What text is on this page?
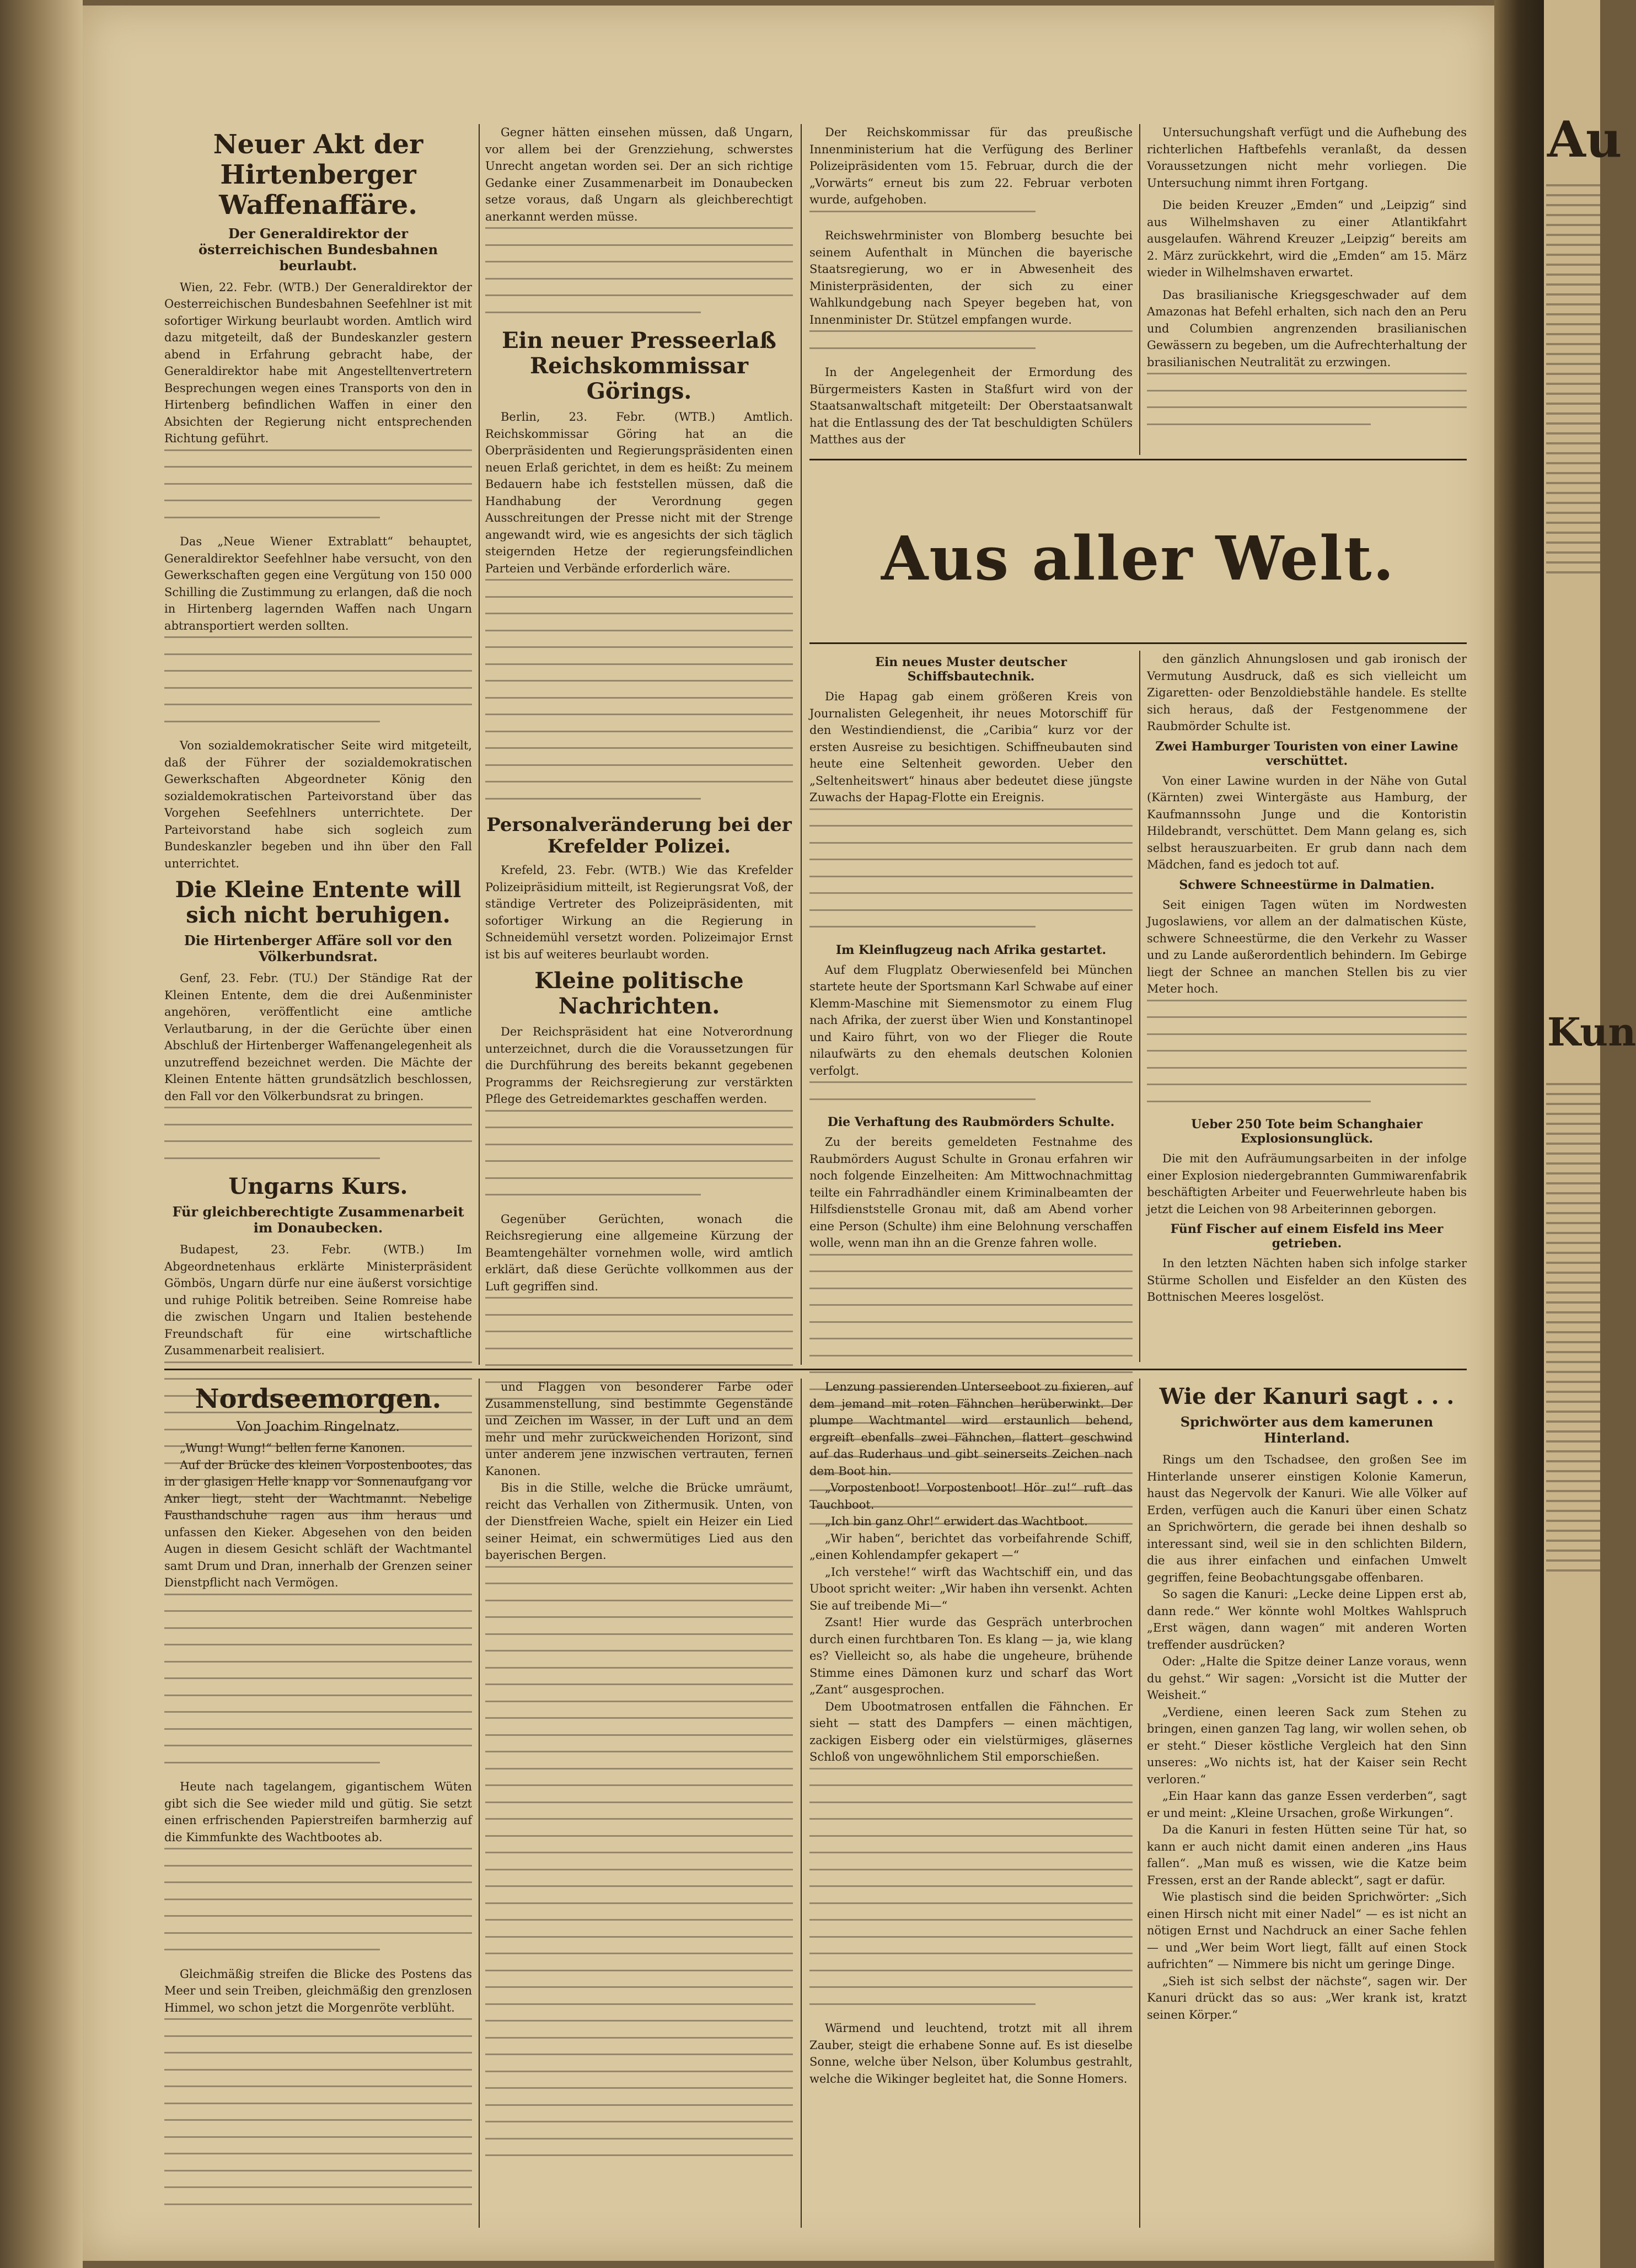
Au
Kun
Neuer Akt der Hirtenberger Waffenaffäre.
Der Generaldirektor der österreichischen Bundesbahnen beurlaubt.

Wien, 22. Febr. (WTB.) Der Generaldirektor der Oesterreichischen Bundesbahnen Seefehlner ist mit sofortiger Wirkung beurlaubt worden. Amtlich wird dazu mitgeteilt, daß der Bundeskanzler gestern abend in Erfahrung gebracht habe, der Generaldirektor habe mit Angestelltenvertretern Besprechungen wegen eines Transports von den in Hirtenberg befindlichen Waffen in einer den Absichten der Regierung nicht entsprechenden Richtung geführt.

Das „Neue Wiener Extrablatt“ behauptet, Generaldirektor Seefehlner habe versucht, von den Gewerkschaften gegen eine Vergütung von 150 000 Schilling die Zustimmung zu erlangen, daß die noch in Hirtenberg lagernden Waffen nach Ungarn abtransportiert werden sollten.

Von sozialdemokratischer Seite wird mitgeteilt, daß der Führer der sozialdemokratischen Gewerkschaften Abgeordneter König den sozialdemokratischen Parteivorstand über das Vorgehen Seefehlners unterrichtete. Der Parteivorstand habe sich sogleich zum Bundeskanzler begeben und ihn über den Fall unterrichtet.

Die Kleine Entente will sich nicht beruhigen.
Die Hirtenberger Affäre soll vor den Völkerbundsrat.

Genf, 23. Febr. (TU.) Der Ständige Rat der Kleinen Entente, dem die drei Außenminister angehören, veröffentlicht eine amtliche Verlautbarung, in der die Gerüchte über einen Abschluß der Hirtenberger Waffenangelegenheit als unzutreffend bezeichnet werden. Die Mächte der Kleinen Entente hätten grundsätzlich beschlossen, den Fall vor den Völkerbundsrat zu bringen.

Ungarns Kurs.
Für gleichberechtigte Zusammenarbeit im Donaubecken.

Budapest, 23. Febr. (WTB.) Im Abgeordnetenhaus erklärte Ministerpräsident Gömbös, Ungarn dürfe nur eine äußerst vorsichtige und ruhige Politik betreiben. Seine Romreise habe die zwischen Ungarn und Italien bestehende Freundschaft für eine wirtschaftliche Zusammenarbeit realisiert.

Gegner hätten einsehen müssen, daß Ungarn, vor allem bei der Grenzziehung, schwerstes Unrecht angetan worden sei. Der an sich richtige Gedanke einer Zusammenarbeit im Donaubecken setze voraus, daß Ungarn als gleichberechtigt anerkannt werden müsse.

Ein neuer Presseerlaß Reichskommissar Görings.

Berlin, 23. Febr. (WTB.) Amtlich. Reichskommissar Göring hat an die Oberpräsidenten und Regierungspräsidenten einen neuen Erlaß gerichtet, in dem es heißt: Zu meinem Bedauern habe ich feststellen müssen, daß die Handhabung der Verordnung gegen Ausschreitungen der Presse nicht mit der Strenge angewandt wird, wie es angesichts der sich täglich steigernden Hetze der regierungsfeindlichen Parteien und Verbände erforderlich wäre.

Personalveränderung bei der Krefelder Polizei.

Krefeld, 23. Febr. (WTB.) Wie das Krefelder Polizeipräsidium mitteilt, ist Regierungsrat Voß, der ständige Vertreter des Polizeipräsidenten, mit sofortiger Wirkung an die Regierung in Schneidemühl versetzt worden. Polizeimajor Ernst ist bis auf weiteres beurlaubt worden.

Kleine politische Nachrichten.

Der Reichspräsident hat eine Notverordnung unterzeichnet, durch die die Voraussetzungen für die Durchführung des bereits bekannt gegebenen Programms der Reichsregierung zur verstärkten Pflege des Getreidemarktes geschaffen werden.

Gegenüber Gerüchten, wonach die Reichsregierung eine allgemeine Kürzung der Beamtengehälter vornehmen wolle, wird amtlich erklärt, daß diese Gerüchte vollkommen aus der Luft gegriffen sind.

Der Reichskommissar für das preußische Innenministerium hat die Verfügung des Berliner Polizeipräsidenten vom 15. Februar, durch die der „Vorwärts“ erneut bis zum 22. Februar verboten wurde, aufgehoben.

Reichswehrminister von Blomberg besuchte bei seinem Aufenthalt in München die bayerische Staatsregierung, wo er in Abwesenheit des Ministerpräsidenten, der sich zu einer Wahlkundgebung nach Speyer begeben hat, von Innenminister Dr. Stützel empfangen wurde.

In der Angelegenheit der Ermordung des Bürgermeisters Kasten in Staßfurt wird von der Staatsanwaltschaft mitgeteilt: Der Oberstaatsanwalt hat die Entlassung des der Tat beschuldigten Schülers Matthes aus der

Untersuchungshaft verfügt und die Aufhebung des richterlichen Haftbefehls veranlaßt, da dessen Voraussetzungen nicht mehr vorliegen. Die Untersuchung nimmt ihren Fortgang.

Die beiden Kreuzer „Emden“ und „Leipzig“ sind aus Wilhelmshaven zu einer Atlantikfahrt ausgelaufen. Während Kreuzer „Leipzig“ bereits am 2. März zurückkehrt, wird die „Emden“ am 15. März wieder in Wilhelmshaven erwartet.

Das brasilianische Kriegsgeschwader auf dem Amazonas hat Befehl erhalten, sich nach den an Peru und Columbien angrenzenden brasilianischen Gewässern zu begeben, um die Aufrechterhaltung der brasilianischen Neutralität zu erzwingen.

Aus aller Welt.
Ein neues Muster deutscher Schiffsbautechnik.

Die Hapag gab einem größeren Kreis von Journalisten Gelegenheit, ihr neues Motorschiff für den Westindiendienst, die „Caribia“ kurz vor der ersten Ausreise zu besichtigen. Schiffneubauten sind heute eine Seltenheit geworden. Ueber den „Seltenheitswert“ hinaus aber bedeutet diese jüngste Zuwachs der Hapag-Flotte ein Ereignis.

Im Kleinflugzeug nach Afrika gestartet.

Auf dem Flugplatz Oberwiesenfeld bei München startete heute der Sportsmann Karl Schwabe auf einer Klemm-Maschine mit Siemensmotor zu einem Flug nach Afrika, der zuerst über Wien und Konstantinopel und Kairo führt, von wo der Flieger die Route nilaufwärts zu den ehemals deutschen Kolonien verfolgt.

Die Verhaftung des Raubmörders Schulte.

Zu der bereits gemeldeten Festnahme des Raubmörders August Schulte in Gronau erfahren wir noch folgende Einzelheiten: Am Mittwochnachmittag teilte ein Fahrradhändler einem Kriminalbeamten der Hilfsdienststelle Gronau mit, daß am Abend vorher eine Person (Schulte) ihm eine Belohnung verschaffen wolle, wenn man ihn an die Grenze fahren wolle.

den gänzlich Ahnungslosen und gab ironisch der Vermutung Ausdruck, daß es sich vielleicht um Zigaretten- oder Benzoldiebstähle handele. Es stellte sich heraus, daß der Festgenommene der Raubmörder Schulte ist.

Zwei Hamburger Touristen von einer Lawine verschüttet.

Von einer Lawine wurden in der Nähe von Gutal (Kärnten) zwei Wintergäste aus Hamburg, der Kaufmannssohn Junge und die Kontoristin Hildebrandt, verschüttet. Dem Mann gelang es, sich selbst herauszuarbeiten. Er grub dann nach dem Mädchen, fand es jedoch tot auf.

Schwere Schneestürme in Dalmatien.

Seit einigen Tagen wüten im Nordwesten Jugoslawiens, vor allem an der dalmatischen Küste, schwere Schneestürme, die den Verkehr zu Wasser und zu Lande außerordentlich behindern. Im Gebirge liegt der Schnee an manchen Stellen bis zu vier Meter hoch.

Ueber 250 Tote beim Schanghaier Explosionsunglück.

Die mit den Aufräumungsarbeiten in der infolge einer Explosion niedergebrannten Gummiwarenfabrik beschäftigten Arbeiter und Feuerwehrleute haben bis jetzt die Leichen von 98 Arbeiterinnen geborgen.

Fünf Fischer auf einem Eisfeld ins Meer getrieben.

In den letzten Nächten haben sich infolge starker Stürme Schollen und Eisfelder an den Küsten des Bottnischen Meeres losgelöst.

Nordseemorgen.
Von Joachim Ringelnatz.

„Wung! Wung!“ bellen ferne Kanonen.

Auf der Brücke des kleinen Vorpostenbootes, das in der glasigen Helle knapp vor Sonnenaufgang vor Anker liegt, steht der Wachtmannt. Nebelige Fausthandschuhe ragen aus ihm heraus und unfassen den Kieker. Abgesehen von den beiden Augen in diesem Gesicht schläft der Wachtmantel samt Drum und Dran, innerhalb der Grenzen seiner Dienstpflicht nach Vermögen.

Heute nach tagelangem, gigantischem Wüten gibt sich die See wieder mild und gütig. Sie setzt einen erfrischenden Papierstreifen barmherzig auf die Kimmfunkte des Wachtbootes ab.

Gleichmäßig streifen die Blicke des Postens das Meer und sein Treiben, gleichmäßig den grenzlosen Himmel, wo schon jetzt die Morgenröte verblüht.

und Flaggen von besonderer Farbe oder Zusammenstellung, sind bestimmte Gegenstände und Zeichen im Wasser, in der Luft und an dem mehr und mehr zurückweichenden Horizont, sind unter anderem jene inzwischen vertrauten, fernen Kanonen.

Bis in die Stille, welche die Brücke umräumt, reicht das Verhallen von Zithermusik. Unten, von der Dienstfreien Wache, spielt ein Heizer ein Lied seiner Heimat, ein schwermütiges Lied aus den bayerischen Bergen.

Lenzung passierenden Unterseeboot zu fixieren, auf dem jemand mit roten Fähnchen herüberwinkt. Der plumpe Wachtmantel wird erstaunlich behend, ergreift ebenfalls zwei Fähnchen, flattert geschwind auf das Ruderhaus und gibt seinerseits Zeichen nach dem Boot hin.

„Vorpostenboot! Vorpostenboot! Hör zu!“ ruft das Tauchboot.

„Ich bin ganz Ohr!“ erwidert das Wachtboot.

„Wir haben“, berichtet das vorbeifahrende Schiff, „einen Kohlendampfer gekapert —“

„Ich verstehe!“ wirft das Wachtschiff ein, und das Uboot spricht weiter: „Wir haben ihn versenkt. Achten Sie auf treibende Mi—“

Zsant! Hier wurde das Gespräch unterbrochen durch einen furchtbaren Ton. Es klang — ja, wie klang es? Vielleicht so, als habe die ungeheure, brühende Stimme eines Dämonen kurz und scharf das Wort „Zant“ ausgesprochen.

Dem Ubootmatrosen entfallen die Fähnchen. Er sieht — statt des Dampfers — einen mächtigen, zackigen Eisberg oder ein vielstürmiges, gläsernes Schloß von ungewöhnlichem Stil emporschießen.

Wärmend und leuchtend, trotzt mit all ihrem Zauber, steigt die erhabene Sonne auf. Es ist dieselbe Sonne, welche über Nelson, über Kolumbus gestrahlt, welche die Wikinger begleitet hat, die Sonne Homers.

Wie der Kanuri sagt . . .
Sprichwörter aus dem kamerunen Hinterland.

Rings um den Tschadsee, den großen See im Hinterlande unserer einstigen Kolonie Kamerun, haust das Negervolk der Kanuri. Wie alle Völker auf Erden, verfügen auch die Kanuri über einen Schatz an Sprichwörtern, die gerade bei ihnen deshalb so interessant sind, weil sie in den schlichten Bildern, die aus ihrer einfachen und einfachen Umwelt gegriffen, feine Beobachtungsgabe offenbaren.

So sagen die Kanuri: „Lecke deine Lippen erst ab, dann rede.“ Wer könnte wohl Moltkes Wahlspruch „Erst wägen, dann wagen“ mit anderen Worten treffender ausdrücken?

Oder: „Halte die Spitze deiner Lanze voraus, wenn du gehst.“ Wir sagen: „Vorsicht ist die Mutter der Weisheit.“

„Verdiene, einen leeren Sack zum Stehen zu bringen, einen ganzen Tag lang, wir wollen sehen, ob er steht.“ Dieser köstliche Vergleich hat den Sinn unseres: „Wo nichts ist, hat der Kaiser sein Recht verloren.“

„Ein Haar kann das ganze Essen verderben“, sagt er und meint: „Kleine Ursachen, große Wirkungen“.

Da die Kanuri in festen Hütten seine Tür hat, so kann er auch nicht damit einen anderen „ins Haus fallen“. „Man muß es wissen, wie die Katze beim Fressen, erst an der Rande ableckt“, sagt er dafür.

Wie plastisch sind die beiden Sprichwörter: „Sich einen Hirsch nicht mit einer Nadel“ — es ist nicht an nötigen Ernst und Nachdruck an einer Sache fehlen — und „Wer beim Wort liegt, fällt auf einen Stock aufrichten“ — Nimmere bis nicht um geringe Dinge.

„Sieh ist sich selbst der nächste“, sagen wir. Der Kanuri drückt das so aus: „Wer krank ist, kratzt seinen Körper.“
